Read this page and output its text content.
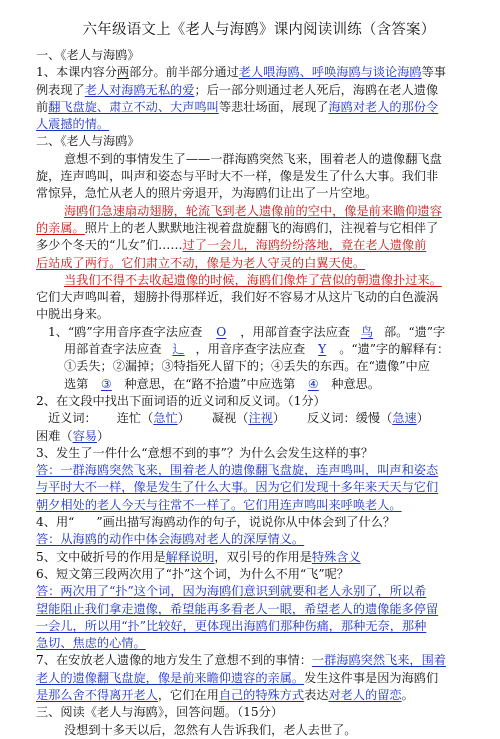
六年级语文上《老人与海鸥》课内阅读训练（含答案）
一、《老人与海鸥》
1、本课内容分两部分。前半部分通过老人喂海鸥、呼唤海鸥与谈论海鸥等事
例表现了老人对海鸥无私的爱；后一部分则通过老人死后，海鸥在老人遗像
前翻飞盘旋、肃立不动、大声鸣叫等悲壮场面，展现了海鸥对老人的那份令
人震撼的情。
二、《老人与海鸥》
意想不到的事情发生了——一群海鸥突然飞来，围着老人的遗像翻飞盘
旋，连声鸣叫，叫声和姿态与平时大不一样，像是发生了什么大事。我们非
常惊异，急忙从老人的照片旁退开，为海鸥们让出了一片空地。
海鸥们急速扇动翅膀，轮流飞到老人遗像前的空中，像是前来瞻仰遗容
的亲属。照片上的老人默默地注视着盘旋翻飞的海鸥们，注视着与它相伴了
多少个冬天的“儿女”们……过了一会儿，海鸥纷纷落地，竟在老人遗像前
后站成了两行。它们肃立不动，像是为老人守灵的白翼天使。
当我们不得不去收起遗像的时候，海鸥们像炸了营似的朝遗像扑过来。
它们大声鸣叫着，翅膀扑得那样近，我们好不容易才从这片飞动的白色漩涡
中脱出身来。
1、“鸥”字用音序查字法应查 O ，用部首查字法应查 鸟 部。“遗”字
用部首查字法应查 辶 ，用音序查字法应查 Y 。“遗”字的解释有：
①丢失；②漏掉；③特指死人留下的；④丢失的东西。在“遗像”中应
选第 ③ 种意思，在“路不拾遗”中应选第 ④ 种意思。
2、在文段中找出下面词语的近义词和反义词。（1分）
近义词： 连忙（急忙） 凝视（注视） 反义词：缓慢（急速）
困难（容易）
3、发生了一件什么“意想不到的事”？为什么会发生这样的事？
答：一群海鸥突然飞来，围着老人的遗像翻飞盘旋，连声鸣叫，叫声和姿态
与平时大不一样，像是发生了什么大事。因为它们发现十多年来天天与它们
朝夕相处的老人今天与往常不一样了。它们用连声鸣叫来呼唤老人。
4、用“ ”画出描写海鸥动作的句子，说说你从中体会到了什么？
答：从海鸥的动作中体会海鸥对老人的深厚情义。
5、文中破折号的作用是解释说明，双引号的作用是特殊含义
6、短文第三段两次用了“扑”这个词，为什么不用“飞”呢？
答：两次用了“扑”这个词，因为海鸥们意识到就要和老人永别了，所以希
望能阻止我们拿走遗像，希望能再多看老人一眼，希望老人的遗像能多停留
一会儿，所以用“扑”比较好，更体现出海鸥们那种伤痛，那种无奈，那种
急切、焦虑的心情。
7、在安放老人遗像的地方发生了意想不到的事情：一群海鸥突然飞来，围着
老人的遗像翻飞盘旋，像是前来瞻仰遗容的亲属。发生这件事是因为海鸥们
是那么舍不得离开老人，它们在用自己的特殊方式表达对老人的留恋。
三、阅读《老人与海鸥》，回答问题。（15分）
没想到十多天以后，忽然有人告诉我们，老人去世了。
